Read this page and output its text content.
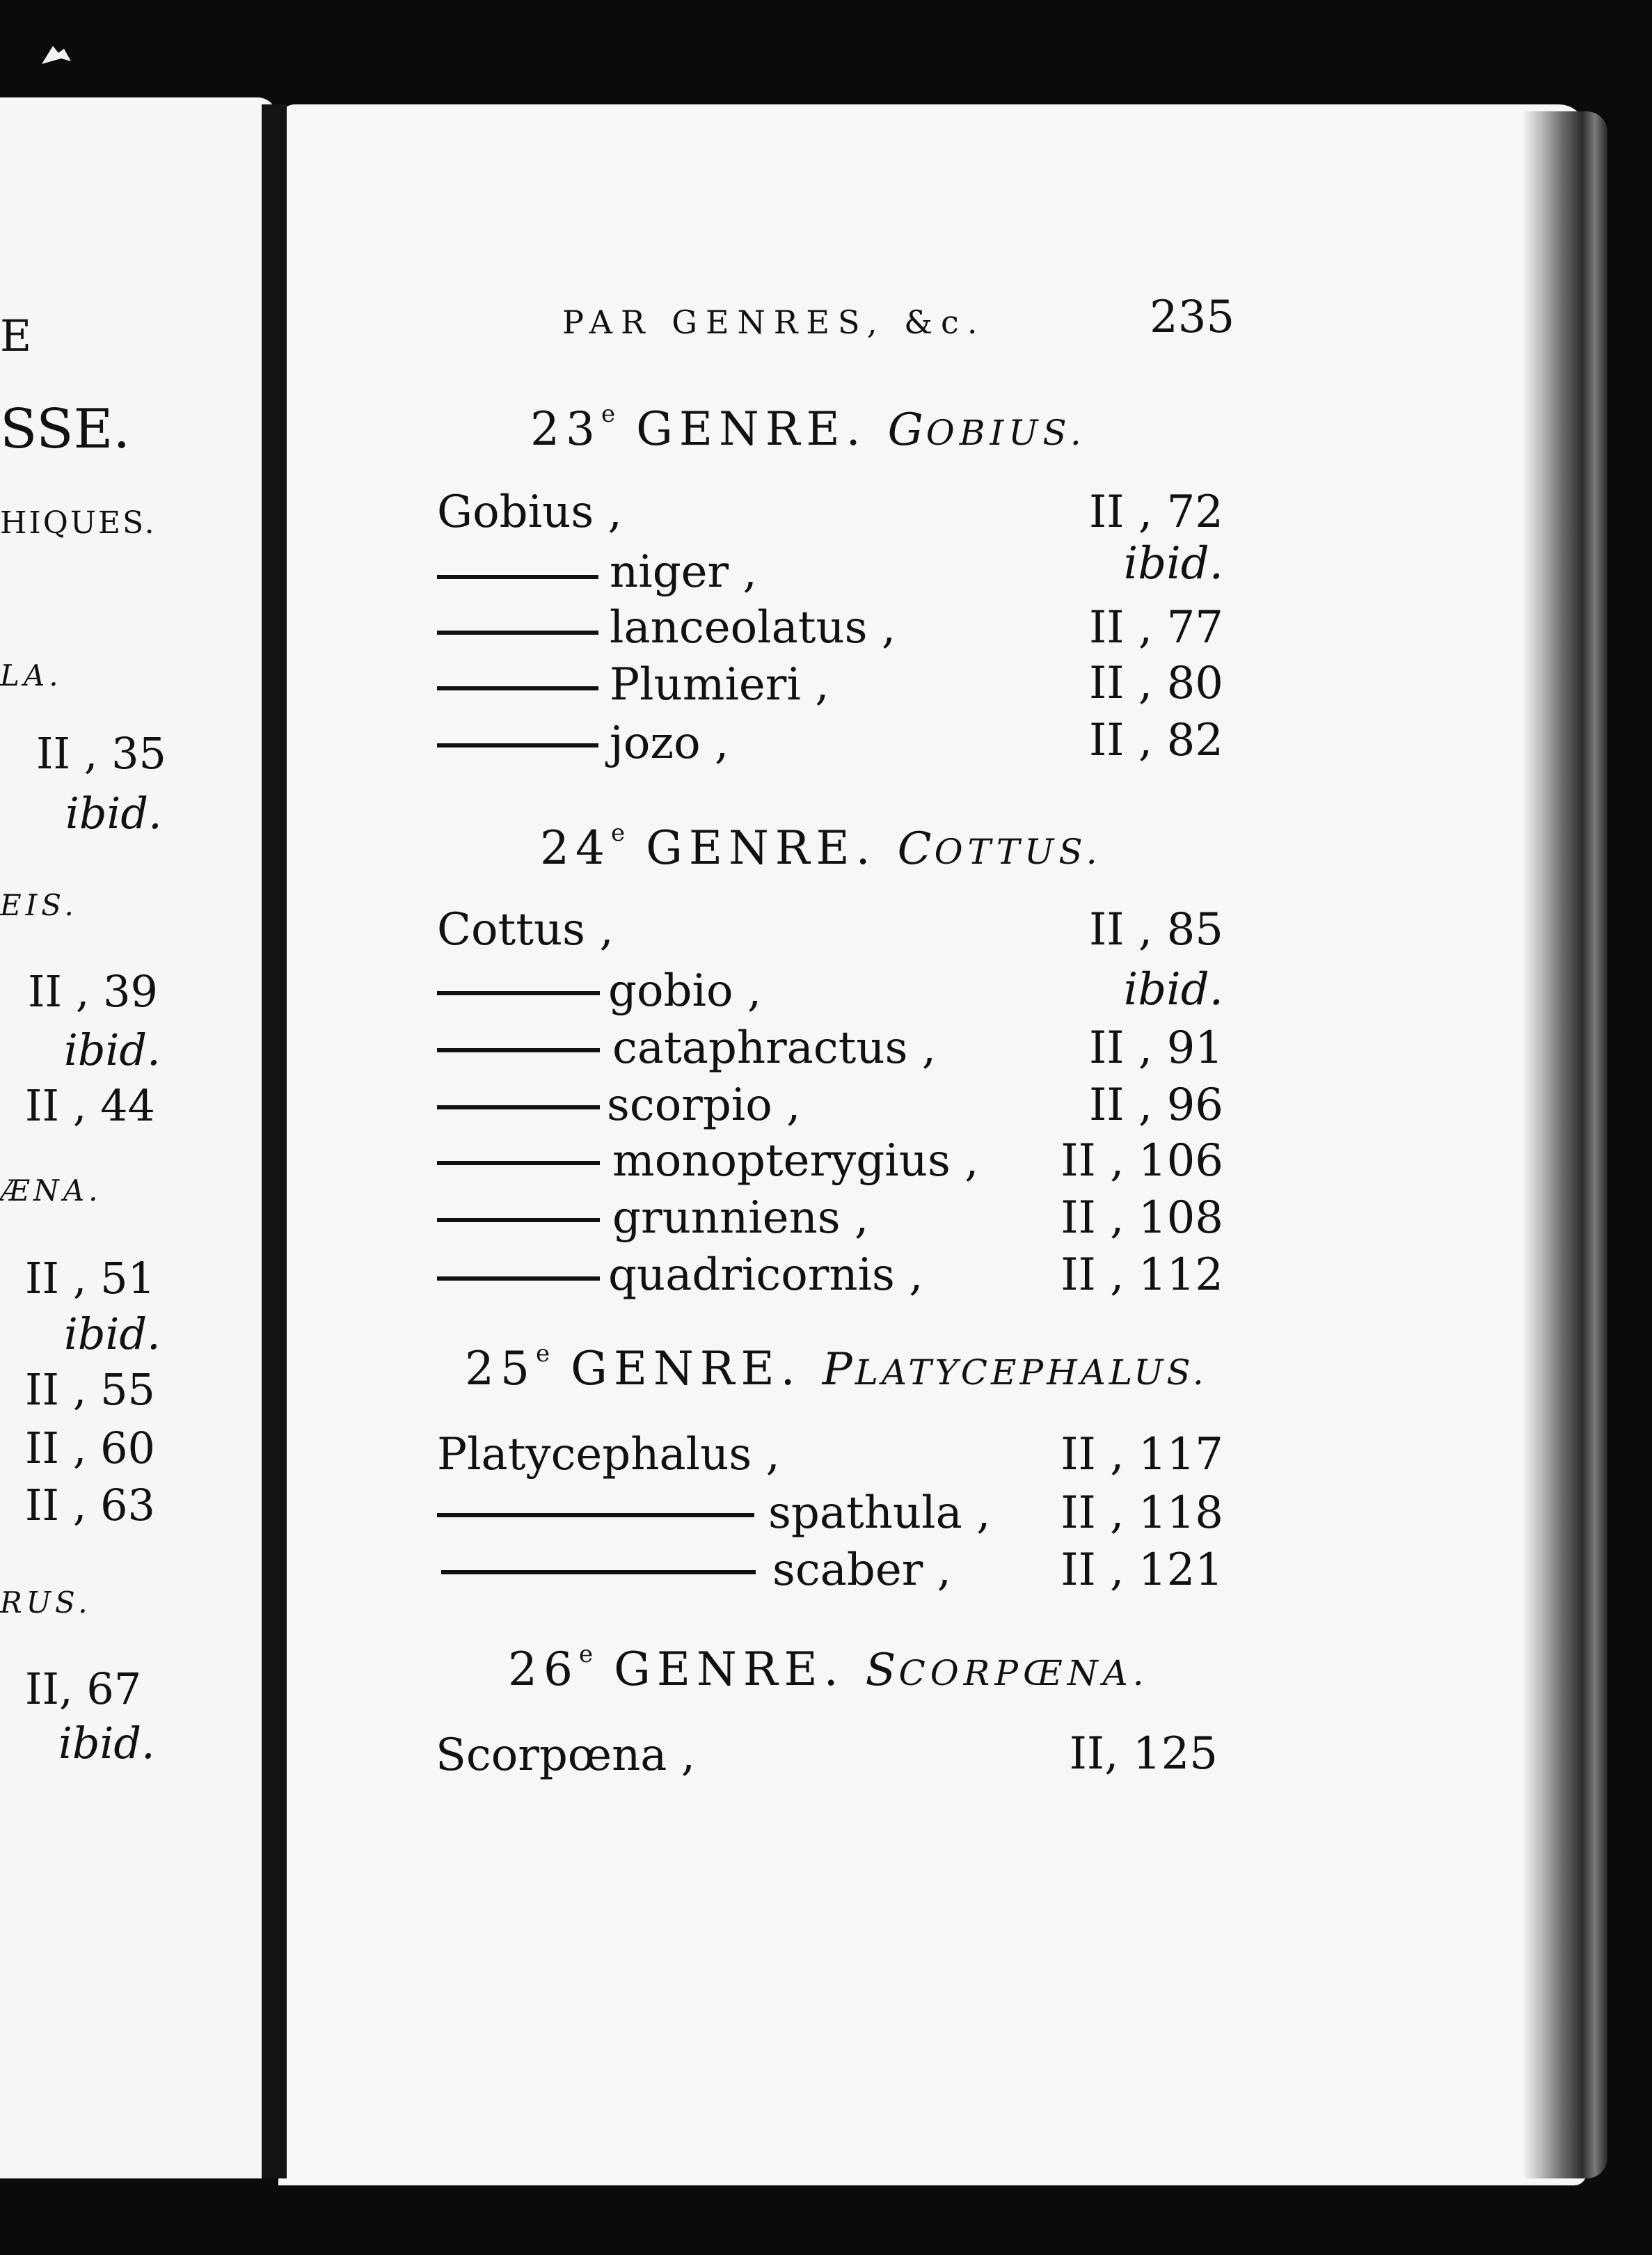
E
SSE.
HIQUES.
LA.
II , 35
ibid.
EIS.
II , 39
ibid.
II , 44
ÆNA.
II , 51
ibid.
II , 55
II , 60
II , 63
RUS.
II, 67
ibid.
PAR GENRES, &c.	235
23e GENRE. GOBIUS.
Gobius ,	II , 72
niger ,	ibid.
lanceolatus ,	II , 77
Plumieri ,	II , 80
jozo ,	II , 82
24e GENRE. COTTUS.
Cottus ,	II , 85
gobio ,	ibid.
cataphractus ,	II , 91
scorpio ,	II , 96
monopterygius , II , 106
grunniens ,	II , 108
quadricornis ,	II , 112
25e GENRE. PLATYCEPHALUS.
Platycephalus ,	II , 117
spathula , II , 118
scaber , II , 121
26e GENRE. SCORPŒNA.
Scorpœna ,	II, 125
